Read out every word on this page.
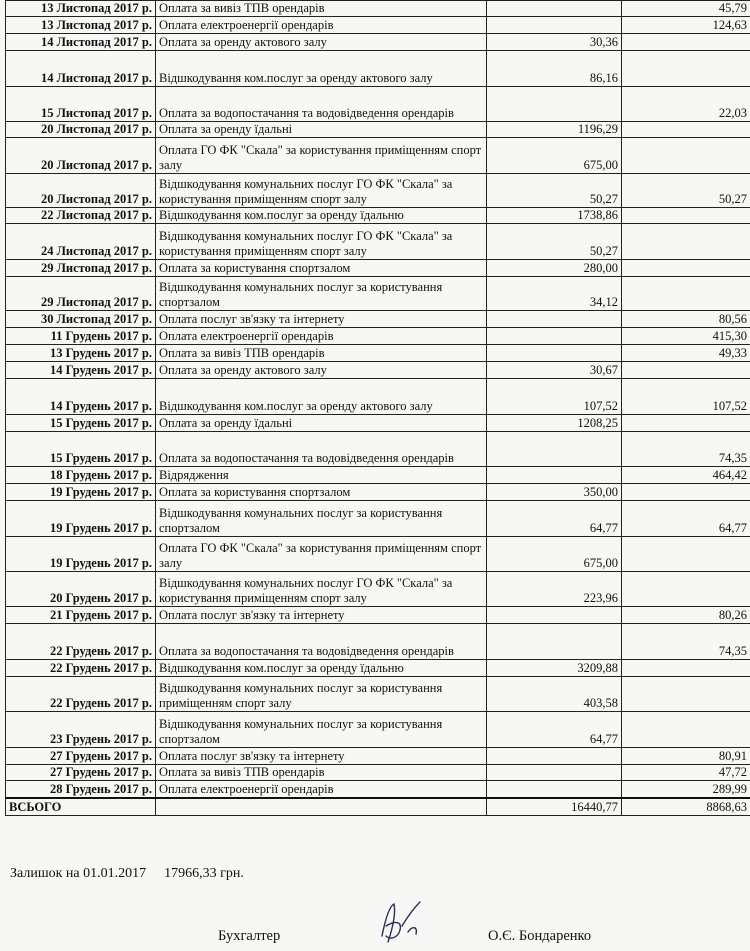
13 Листопад 2017 р.	Оплата за вивіз ТПВ орендарів		45,79
13 Листопад 2017 р.	Оплата електроенергії орендарів		124,63
14 Листопад 2017 р.	Оплата за оренду актового залу	30,36	
14 Листопад 2017 р.	Відшкодування ком.послуг за оренду актового залу	86,16	
15 Листопад 2017 р.	Оплата за водопостачання та водовідведення орендарів		22,03
20 Листопад 2017 р.	Оплата за оренду їдальні	1196,29	
20 Листопад 2017 р.	Оплата ГО ФК "Скала" за користування приміщенням спорт залу	675,00	
20 Листопад 2017 р.	Відшкодування комунальних послуг ГО ФК "Скала" за користування приміщенням спорт залу	50,27	50,27
22 Листопад 2017 р.	Відшкодування ком.послуг за оренду їдальню	1738,86	
24 Листопад 2017 р.	Відшкодування комунальних послуг ГО ФК "Скала" за користування приміщенням спорт залу	50,27	
29 Листопад 2017 р.	Оплата за користування спортзалом	280,00	
29 Листопад 2017 р.	Відшкодування комунальних послуг за користування спортзалом	34,12	
30 Листопад 2017 р.	Оплата послуг зв'язку та інтернету		80,56
11 Грудень 2017 р.	Оплата електроенергії орендарів		415,30
13 Грудень 2017 р.	Оплата за вивіз ТПВ орендарів		49,33
14 Грудень 2017 р.	Оплата за оренду актового залу	30,67	
14 Грудень 2017 р.	Відшкодування ком.послуг за оренду актового залу	107,52	107,52
15 Грудень 2017 р.	Оплата за оренду їдальні	1208,25	
15 Грудень 2017 р.	Оплата за водопостачання та водовідведення орендарів		74,35
18 Грудень 2017 р.	Відрядження		464,42
19 Грудень 2017 р.	Оплата за користування спортзалом	350,00	
19 Грудень 2017 р.	Відшкодування комунальних послуг за користування спортзалом	64,77	64,77
19 Грудень 2017 р.	Оплата ГО ФК "Скала" за користування приміщенням спорт залу	675,00	
20 Грудень 2017 р.	Відшкодування комунальних послуг ГО ФК "Скала" за користування приміщенням спорт залу	223,96	
21 Грудень 2017 р.	Оплата послуг зв'язку та інтернету		80,26
22 Грудень 2017 р.	Оплата за водопостачання та водовідведення орендарів		74,35
22 Грудень 2017 р.	Відшкодування ком.послуг за оренду їдальню	3209,88	
22 Грудень 2017 р.	Відшкодування комунальних послуг за користування приміщенням спорт залу	403,58	
23 Грудень 2017 р.	Відшкодування комунальних послуг за користування спортзалом	64,77	
27 Грудень 2017 р.	Оплата послуг зв'язку та інтернету		80,91
27 Грудень 2017 р.	Оплата за вивіз ТПВ орендарів		47,72
28 Грудень 2017 р.	Оплата електроенергії орендарів		289,99
ВСЬОГО		16440,77	8868,63
Залишок на 01.01.2017 17966,33 грн.
Бухгалтер	О.Є. Бондаренко
